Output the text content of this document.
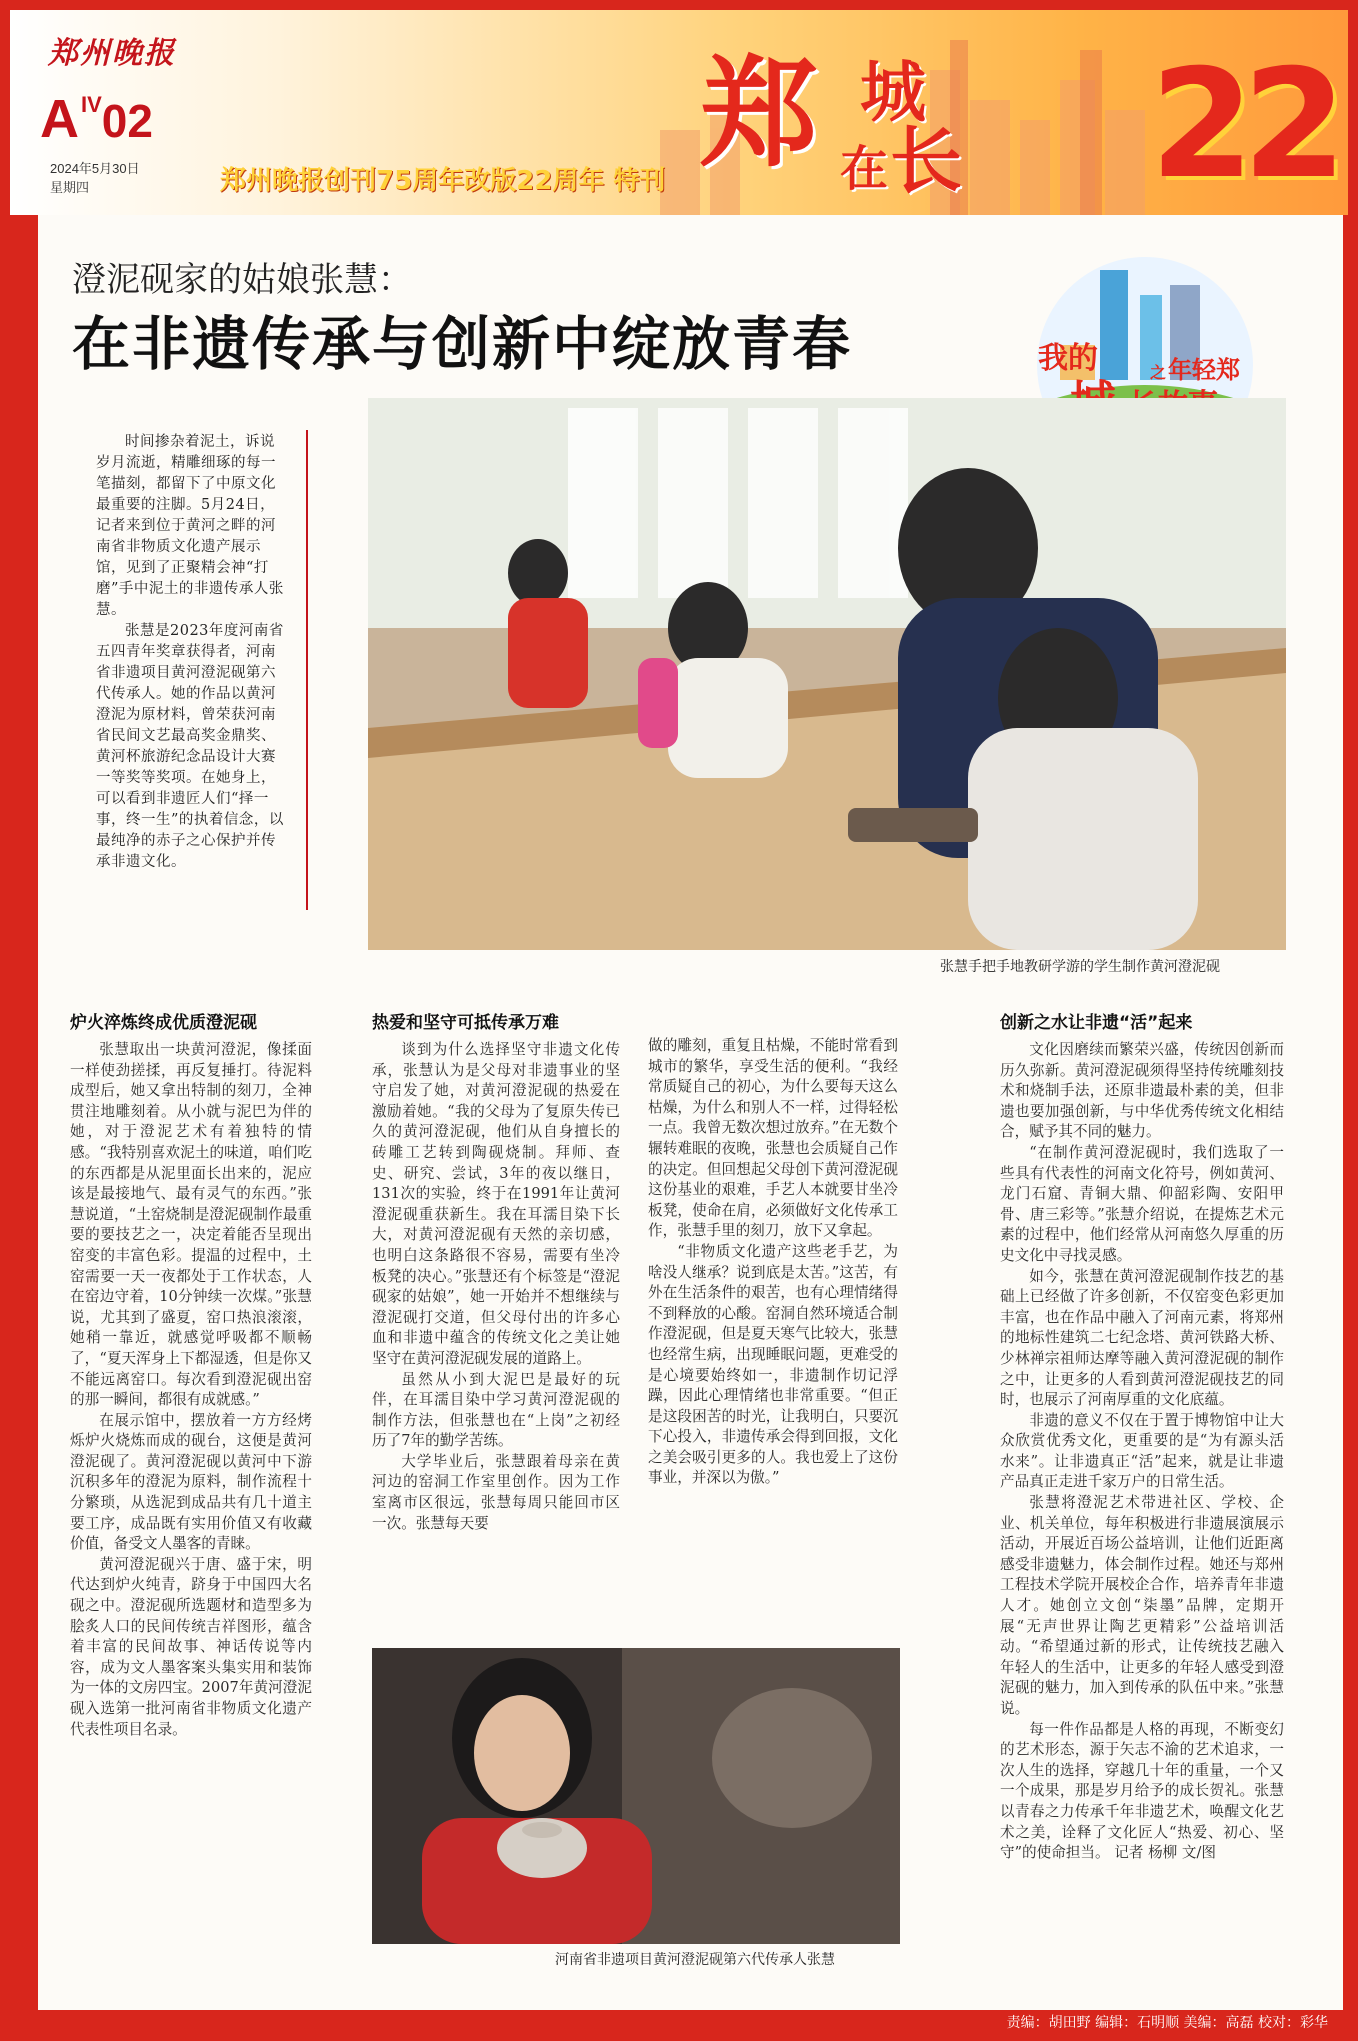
郑州晚报
AIV02
2024年5月30日
星期四	郑州晚报创刊75周年改版22周年 特刊 郑 城
在 长 22
我的	之 年轻郑
澄泥砚家的姑娘张慧：
在非遗传承与创新中绽放青春

时间掺杂着泥土，诉说岁月流逝，精雕细琢的每一笔描刻，都留下了中原文化最重要的注脚。5月24日，记者来到位于黄河之畔的河南省非物质文化遗产展示馆，见到了正聚精会神“打磨”手中泥土的非遗传承人张慧。

张慧是2023年度河南省五四青年奖章获得者，河南省非遗项目黄河澄泥砚第六代传承人。她的作品以黄河澄泥为原材料，曾荣获河南省民间文艺最高奖金鼎奖、黄河杯旅游纪念品设计大赛一等奖等奖项。在她身上，可以看到非遗匠人们“择一事，终一生”的执着信念，以最纯净的赤子之心保护并传承非遗文化。

张慧手把手地教研学游的学生制作黄河澄泥砚
炉火淬炼终成优质澄泥砚	热爱和坚守可抵传承万难	创新之水让非遗“活”起来

张慧取出一块黄河澄泥，像揉面一样使劲搓揉，再反复捶打。待泥料成型后，她又拿出特制的刻刀，全神贯注地雕刻着。从小就与泥巴为伴的她，对于澄泥艺术有着独特的情感。“我特别喜欢泥土的味道，咱们吃的东西都是从泥里面长出来的，泥应该是最接地气、最有灵气的东西。”张慧说道，“土窑烧制是澄泥砚制作最重要的要技艺之一，决定着能否呈现出窑变的丰富色彩。提温的过程中，土窑需要一天一夜都处于工作状态，人在窑边守着，10分钟续一次煤。”张慧说，尤其到了盛夏，窑口热浪滚滚，她稍一靠近，就感觉呼吸都不顺畅了，“夏天浑身上下都湿透，但是你又不能远离窑口。每次看到澄泥砚出窑的那一瞬间，都很有成就感。”

在展示馆中，摆放着一方方经烤烁炉火烧炼而成的砚台，这便是黄河澄泥砚了。黄河澄泥砚以黄河中下游沉积多年的澄泥为原料，制作流程十分繁琐，从选泥到成品共有几十道主要工序，成品既有实用价值又有收藏价值，备受文人墨客的青睐。

黄河澄泥砚兴于唐、盛于宋，明代达到炉火纯青，跻身于中国四大名砚之中。澄泥砚所选题材和造型多为脍炙人口的民间传统吉祥图形，蕴含着丰富的民间故事、神话传说等内容，成为文人墨客案头集实用和装饰为一体的文房四宝。2007年黄河澄泥砚入选第一批河南省非物质文化遗产代表性项目名录。

谈到为什么选择坚守非遗文化传承，张慧认为是父母对非遗事业的坚守启发了她，对黄河澄泥砚的热爱在激励着她。“我的父母为了复原失传已久的黄河澄泥砚，他们从自身擅长的砖雕工艺转到陶砚烧制。拜师、查史、研究、尝试，3年的夜以继日，131次的实验，终于在1991年让黄河澄泥砚重获新生。我在耳濡目染下长大，对黄河澄泥砚有天然的亲切感，也明白这条路很不容易，需要有坐冷板凳的决心。”张慧还有个标签是“澄泥砚家的姑娘”，她一开始并不想继续与澄泥砚打交道，但父母付出的许多心血和非遗中蕴含的传统文化之美让她坚守在黄河澄泥砚发展的道路上。

虽然从小到大泥巴是最好的玩伴，在耳濡目染中学习黄河澄泥砚的制作方法，但张慧也在“上岗”之初经历了7年的勤学苦练。

大学毕业后，张慧跟着母亲在黄河边的窑洞工作室里创作。因为工作室离市区很远，张慧每周只能回市区一次。张慧每天要

做的雕刻，重复且枯燥，不能时常看到城市的繁华，享受生活的便利。“我经常质疑自己的初心，为什么要每天这么枯燥，为什么和别人不一样，过得轻松一点。我曾无数次想过放弃。”在无数个辗转难眠的夜晚，张慧也会质疑自己作的决定。但回想起父母创下黄河澄泥砚这份基业的艰难，手艺人本就要甘坐冷板凳，使命在肩，必须做好文化传承工作，张慧手里的刻刀，放下又拿起。

“非物质文化遗产这些老手艺，为啥没人继承？说到底是太苦。”这苦，有外在生活条件的艰苦，也有心理情绪得不到释放的心酸。窑洞自然环境适合制作澄泥砚，但是夏天寒气比较大，张慧也经常生病，出现睡眠问题，更难受的是心境要始终如一，非遗制作切记浮躁，因此心理情绪也非常重要。“但正是这段困苦的时光，让我明白，只要沉下心投入，非遗传承会得到回报，文化之美会吸引更多的人。我也爱上了这份事业，并深以为傲。”

文化因磨续而繁荣兴盛，传统因创新而历久弥新。黄河澄泥砚须得坚持传统雕刻技术和烧制手法，还原非遗最朴素的美，但非遗也要加强创新，与中华优秀传统文化相结合，赋予其不同的魅力。

“在制作黄河澄泥砚时，我们选取了一些具有代表性的河南文化符号，例如黄河、龙门石窟、青铜大鼎、仰韶彩陶、安阳甲骨、唐三彩等。”张慧介绍说，在提炼艺术元素的过程中，他们经常从河南悠久厚重的历史文化中寻找灵感。

如今，张慧在黄河澄泥砚制作技艺的基础上已经做了许多创新，不仅窑变色彩更加丰富，也在作品中融入了河南元素，将郑州的地标性建筑二七纪念塔、黄河铁路大桥、少林禅宗祖师达摩等融入黄河澄泥砚的制作之中，让更多的人看到黄河澄泥砚技艺的同时，也展示了河南厚重的文化底蕴。

非遗的意义不仅在于置于博物馆中让大众欣赏优秀文化，更重要的是“为有源头活水来”。让非遗真正“活”起来，就是让非遗产品真正走进千家万户的日常生活。

张慧将澄泥艺术带进社区、学校、企业、机关单位，每年积极进行非遗展演展示活动，开展近百场公益培训，让他们近距离感受非遗魅力，体会制作过程。她还与郑州工程技术学院开展校企合作，培养青年非遗人才。她创立文创“柒墨”品牌，定期开展“无声世界让陶艺更精彩”公益培训活动。“希望通过新的形式，让传统技艺融入年轻人的生活中，让更多的年轻人感受到澄泥砚的魅力，加入到传承的队伍中来。”张慧说。

每一件作品都是人格的再现，不断变幻的艺术形态，源于矢志不渝的艺术追求，一次人生的选择，穿越几十年的重量，一个又一个成果，那是岁月给予的成长贺礼。张慧以青春之力传承千年非遗艺术，唤醒文化艺术之美，诠释了文化匠人“热爱、初心、坚守”的使命担当。 记者 杨柳 文/图

河南省非遗项目黄河澄泥砚第六代传承人张慧
责编：胡田野 编辑：石明顺 美编：高磊 校对：彩华
